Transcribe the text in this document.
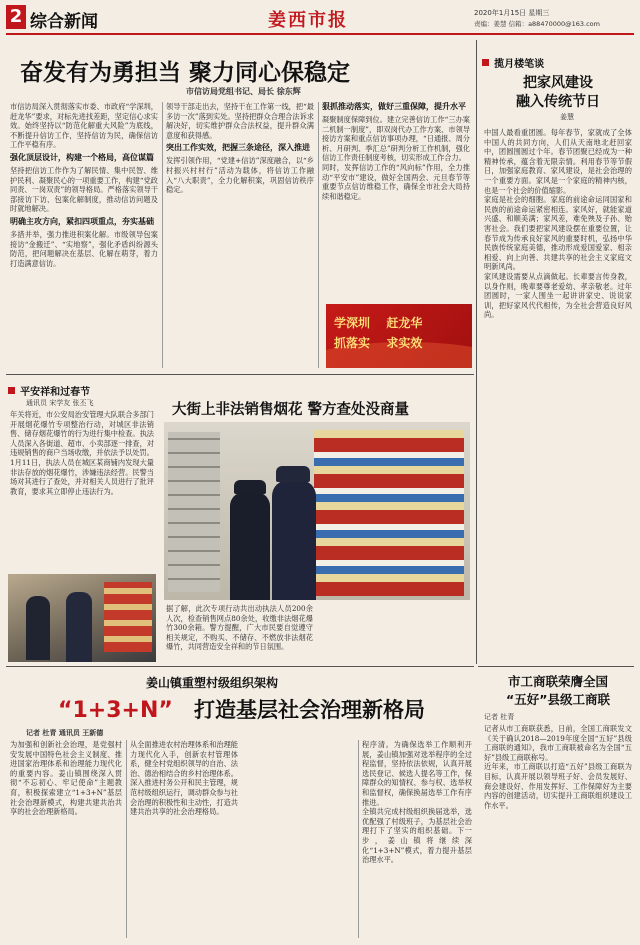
2 综合新闻	姜西市报	2020年1月15日 星期三
责编：姜慧 信箱：a88470000@163.com
奋发有为勇担当 聚力同心保稳定
市信访局党组书记、局长 徐东辉
市信访局深入贯彻落实市委、市政府“学深圳，赶龙华”要求，对标先进找差距，坚定信心求实效。始终坚持以“防范化解重大风险”为底线，不断提升信访工作，坚持信访为民，确保信访工作平稳有序。
强化顶层设计，构建一个格局，高位谋篇
坚持把信访工作作为了解民情、集中民智、维护民利、凝聚民心的一项重要工作，构建“党政同责、一岗双责”的领导格局。严格落实领导干部接访下访、包案化解制度，推动信访问题及时就地解决。
明确主攻方向，紧扣四项重点，夯实基础
多措并举，强力推进积案化解。市级领导包案接访“金搬迁”、“实地察”，强化矛盾纠纷源头防范，把问题解决在基层、化解在萌芽，着力打造满意信访。
领导干部走出去，坚持干在工作第一线，把“最多访一次”落到实处。坚持把群众合理合法诉求解决好，切实维护群众合法权益，提升群众满意度和获得感。
突出工作实效，把握三条途径，深入推进
发挥引领作用，“党建+信访”深度融合，以“乡村振兴村村行”活动为载体，将信访工作融入“八大职责”，全力化解积案，巩固信访秩序稳定。
狠抓推动落实，做好三重保障，提升水平
凝聚制度保障到位。建立完善信访工作“三办案二机制一制度”，即双岗代办工作方案、市领导接访方案和重点信访事项办理，“日通报、周分析、月研判、季汇总”研判分析工作机制，强化信访工作责任制度考核，切实形成工作合力。
同时，发挥信访工作的“风向标”作用，全力推动“平安市”建设，做好全国两会、元旦春节等重要节点信访维稳工作，确保全市社会大局持续和谐稳定。
学深圳 赶龙华
抓落实 求实效
平安祥和过春节
通讯员 宋学友 张丕飞
年关将近，市公安局治安管理大队联合多部门开展烟花爆竹专项整治行动，对城区非法销售、储存烟花爆竹的行为进行集中检查。执法人员深入各街道、超市、小卖部逐一排查，对违规销售的商户当场收缴，并依法予以处罚。
1月11日，执法人员在城区某商铺内发现大量非法存放的烟花爆竹，涉嫌违法经营。民警当场对其进行了查处，并对相关人员进行了批评教育，要求其立即停止违法行为。
大街上非法销售烟花 警方查处没商量
据了解，此次专项行动共出动执法人员200余人次，检查销售网点80余处，收缴非法烟花爆竹300余箱。警方提醒，广大市民要自觉遵守相关规定，不购买、不储存、不燃放非法烟花爆竹，共同营造安全祥和的节日氛围。
揽月楼笔谈
把家风建设
融入传统节日
姜慧
中国人最看重团圆。每年春节，家就成了全体中国人的共同方向，人们从天南地北赶回家中，团圆围圆过个年。春节团聚已经成为一种精神传承，蕴含着无限亲情。利用春节等节假日，加强家庭教育、家风建设，是社会治理的一个重要方面。家风是一个家庭的精神内核，也是一个社会的价值缩影。
家庭是社会的细胞。家庭的前途命运同国家和民族的前途命运紧密相连。家风好，就能家道兴盛、和顺美满；家风差，难免殃及子孙、贻害社会。我们要把家风建设摆在重要位置，让春节成为传承良好家风的重要时机，弘扬中华民族传统家庭美德，推动形成爱国爱家、相亲相爱、向上向善、共建共享的社会主义家庭文明新风尚。
家风建设需要从点滴做起。长辈要言传身教，以身作则，晚辈要尊老爱幼、孝亲敬老。过年团圆时，一家人围坐一起讲讲家史、说说家训，把好家风代代相传，为全社会营造良好风尚。
市工商联荣膺全国
“五好”县级工商联
记者 杜青
记者从市工商联获悉，日前，全国工商联发文《关于确认2018—2019年度全国“五好”县级工商联的通知》，我市工商联被命名为全国“五好”县级工商联称号。
近年来，市工商联以打造“五好”县级工商联为目标，认真开展以领导班子好、会员发展好、商会建设好、作用发挥好、工作保障好为主要内容的创建活动，切实提升工商联组织建设工作水平。
姜山镇重塑村级组织架构
“1+3+N” 打造基层社会治理新格局
记者 杜青 通讯员 王新德
为加强和创新社会治理，是党强村安发展中国特色社会主义制度、推进国家治理体系和治理能力现代化的重要内容。姜山镇围绕深入贯彻“不忘初心、牢记使命”主题教育，积极探索建立“1+3+N”基层社会治理新模式，构建共建共治共享的社会治理新格局。
从全面推进农村治理体系和治理能力现代化入手，创新农村管理体系，健全村党组织领导的自治、法治、德治相结合的乡村治理体系。深入推进村务公开和民主管理，规范村级组织运行，调动群众参与社会治理的积极性和主动性，打造共建共治共享的社会治理格局。
程序清。为确保选举工作顺利开展，姜山镇加强对选举程序的全过程监督，坚持依法依规，认真开展选民登记、候选人提名等工作，保障群众的知情权、参与权、选举权和监督权，确保换届选举工作有序推进。
全镇共完成村级组织换届选举，选优配强了村级班子，为基层社会治理打下了坚实的组织基础。下一步，姜山镇将继续深化“1+3+N”模式，着力提升基层治理水平。
